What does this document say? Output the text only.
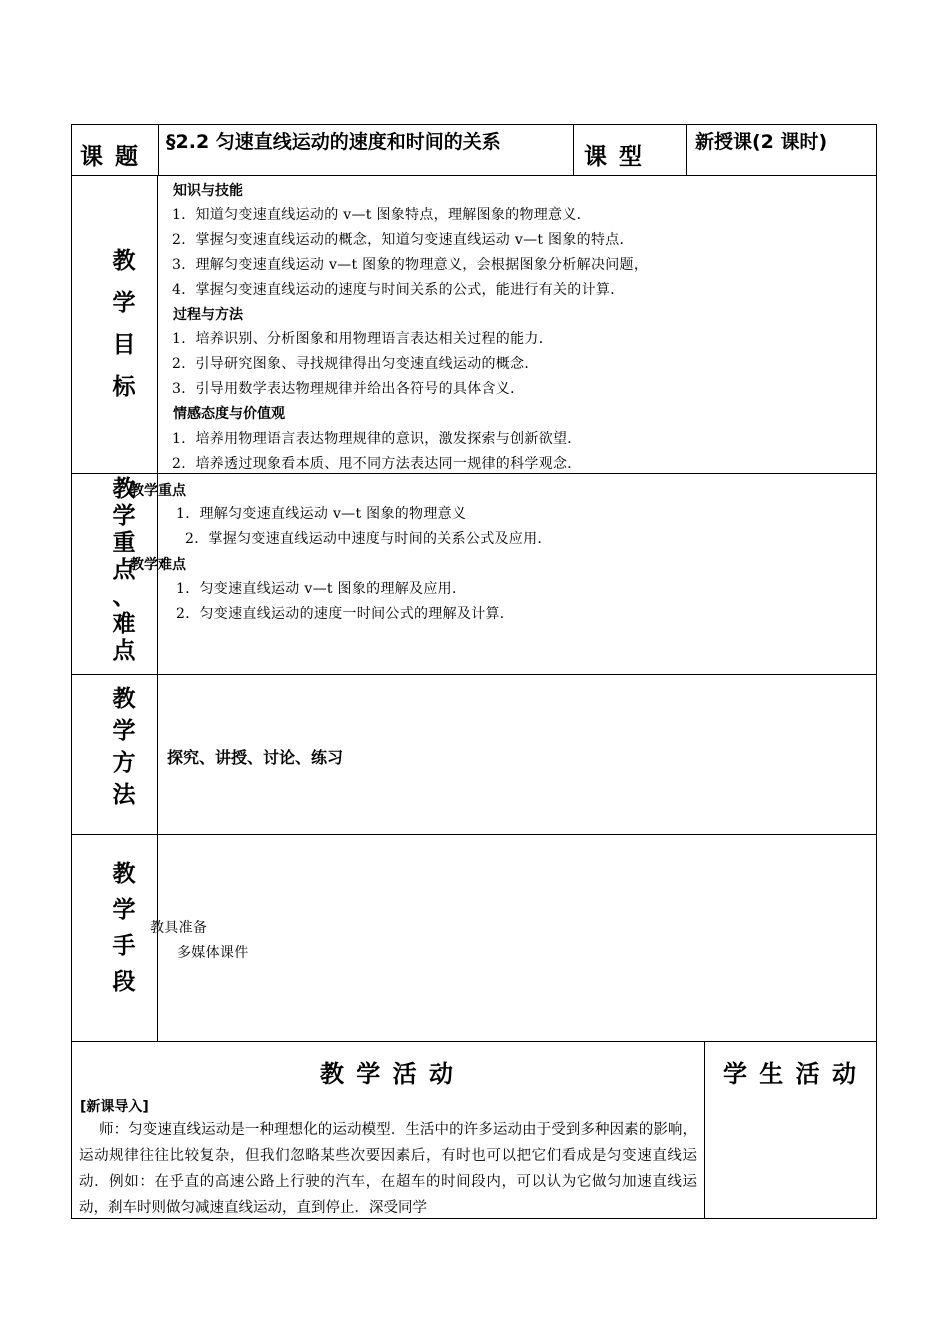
课 题
§2.2 匀速直线运动的速度和时间的关系
课 型
新授课(2 课时)
教
学
目
标
知识与技能
1．知道匀变速直线运动的 v—t 图象特点，理解图象的物理意义．
2．掌握匀变速直线运动的概念，知道匀变速直线运动 v—t 图象的特点．
3．理解匀变速直线运动 v—t 图象的物理意义，会根据图象分析解决问题，
4．掌握匀变速直线运动的速度与时间关系的公式，能进行有关的计算．
过程与方法
1．培养识别、分析图象和用物理语言表达相关过程的能力．
2．引导研究图象、寻找规律得出匀变速直线运动的概念．
3．引导用数学表达物理规律并给出各符号的具体含义．
情感态度与价值观
1．培养用物理语言表达物理规律的意识，激发探索与创新欲望．
2．培养透过现象看本质、甩不同方法表达同一规律的科学观念．
教
学
重
点
、
难
点
教学重点
1．理解匀变速直线运动 v—t 图象的物理意义
2．掌握匀变速直线运动中速度与时间的关系公式及应用．
教学难点
1．匀变速直线运动 v—t 图象的理解及应用．
2．匀变速直线运动的速度一时间公式的理解及计算．
教
学
方
法
探究、讲授、讨论、练习
教
学
手
段
教具准备
多媒体课件
教 学 活 动	学 生 活 动
[新课导入]
师：匀变速直线运动是一种理想化的运动模型．生活中的许多运动由于受到多种因素的影响，运动规律往往比较复杂，但我们忽略某些次要因素后，有时也可以把它们看成是匀变速直线运动．例如：在乎直的高速公路上行驶的汽车，在超车的时间段内，可以认为它做匀加速直线运动，刹车时则做匀减速直线运动，直到停止．深受同学
